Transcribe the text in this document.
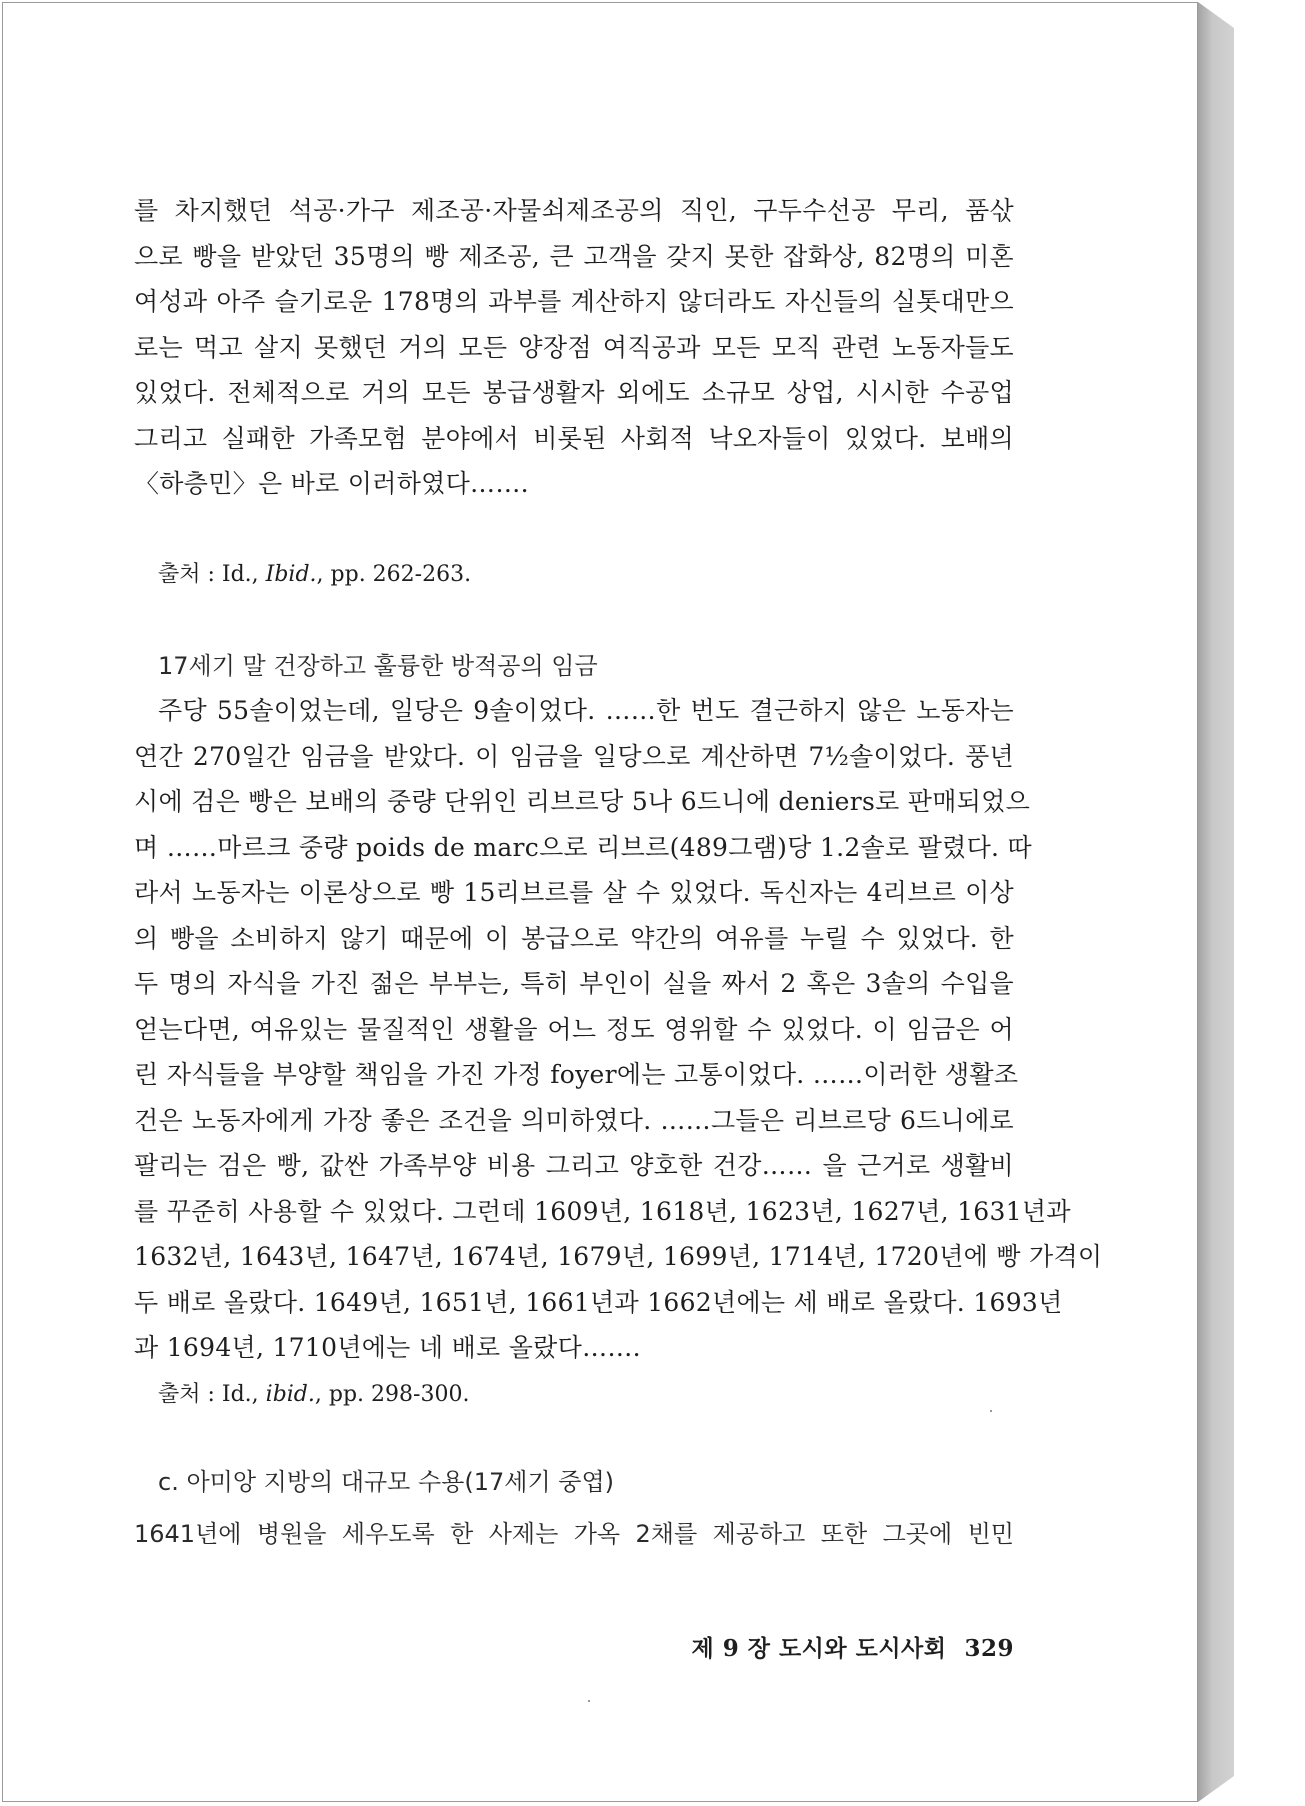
를 차지했던 석공·가구 제조공·자물쇠제조공의 직인, 구두수선공 무리, 품삯
으로 빵을 받았던 35명의 빵 제조공, 큰 고객을 갖지 못한 잡화상, 82명의 미혼
여성과 아주 슬기로운 178명의 과부를 계산하지 않더라도 자신들의 실톳대만으
로는 먹고 살지 못했던 거의 모든 양장점 여직공과 모든 모직 관련 노동자들도
있었다. 전체적으로 거의 모든 봉급생활자 외에도 소규모 상업, 시시한 수공업
그리고 실패한 가족모험 분야에서 비롯된 사회적 낙오자들이 있었다. 보배의
〈하층민〉은 바로 이러하였다…….
출처 : Id., Ibid., pp. 262-263.
17세기 말 건장하고 훌륭한 방적공의 임금
주당 55솔이었는데, 일당은 9솔이었다. ……한 번도 결근하지 않은 노동자는
연간 270일간 임금을 받았다. 이 임금을 일당으로 계산하면 7½솔이었다. 풍년
시에 검은 빵은 보배의 중량 단위인 리브르당 5나 6드니에 deniers로 판매되었으
며 ……마르크 중량 poids de marc으로 리브르(489그램)당 1.2솔로 팔렸다. 따
라서 노동자는 이론상으로 빵 15리브르를 살 수 있었다. 독신자는 4리브르 이상
의 빵을 소비하지 않기 때문에 이 봉급으로 약간의 여유를 누릴 수 있었다. 한
두 명의 자식을 가진 젊은 부부는, 특히 부인이 실을 짜서 2 혹은 3솔의 수입을
얻는다면, 여유있는 물질적인 생활을 어느 정도 영위할 수 있었다. 이 임금은 어
린 자식들을 부양할 책임을 가진 가정 foyer에는 고통이었다. ……이러한 생활조
건은 노동자에게 가장 좋은 조건을 의미하였다. ……그들은 리브르당 6드니에로
팔리는 검은 빵, 값싼 가족부양 비용 그리고 양호한 건강…… 을 근거로 생활비
를 꾸준히 사용할 수 있었다. 그런데 1609년, 1618년, 1623년, 1627년, 1631년과
1632년, 1643년, 1647년, 1674년, 1679년, 1699년, 1714년, 1720년에 빵 가격이
두 배로 올랐다. 1649년, 1651년, 1661년과 1662년에는 세 배로 올랐다. 1693년
과 1694년, 1710년에는 네 배로 올랐다…….
출처 : Id., ibid., pp. 298-300.
c. 아미앙 지방의 대규모 수용(17세기 중엽)
1641년에 병원을 세우도록 한 사제는 가옥 2채를 제공하고 또한 그곳에 빈민
제 9 장 도시와 도시사회 329
